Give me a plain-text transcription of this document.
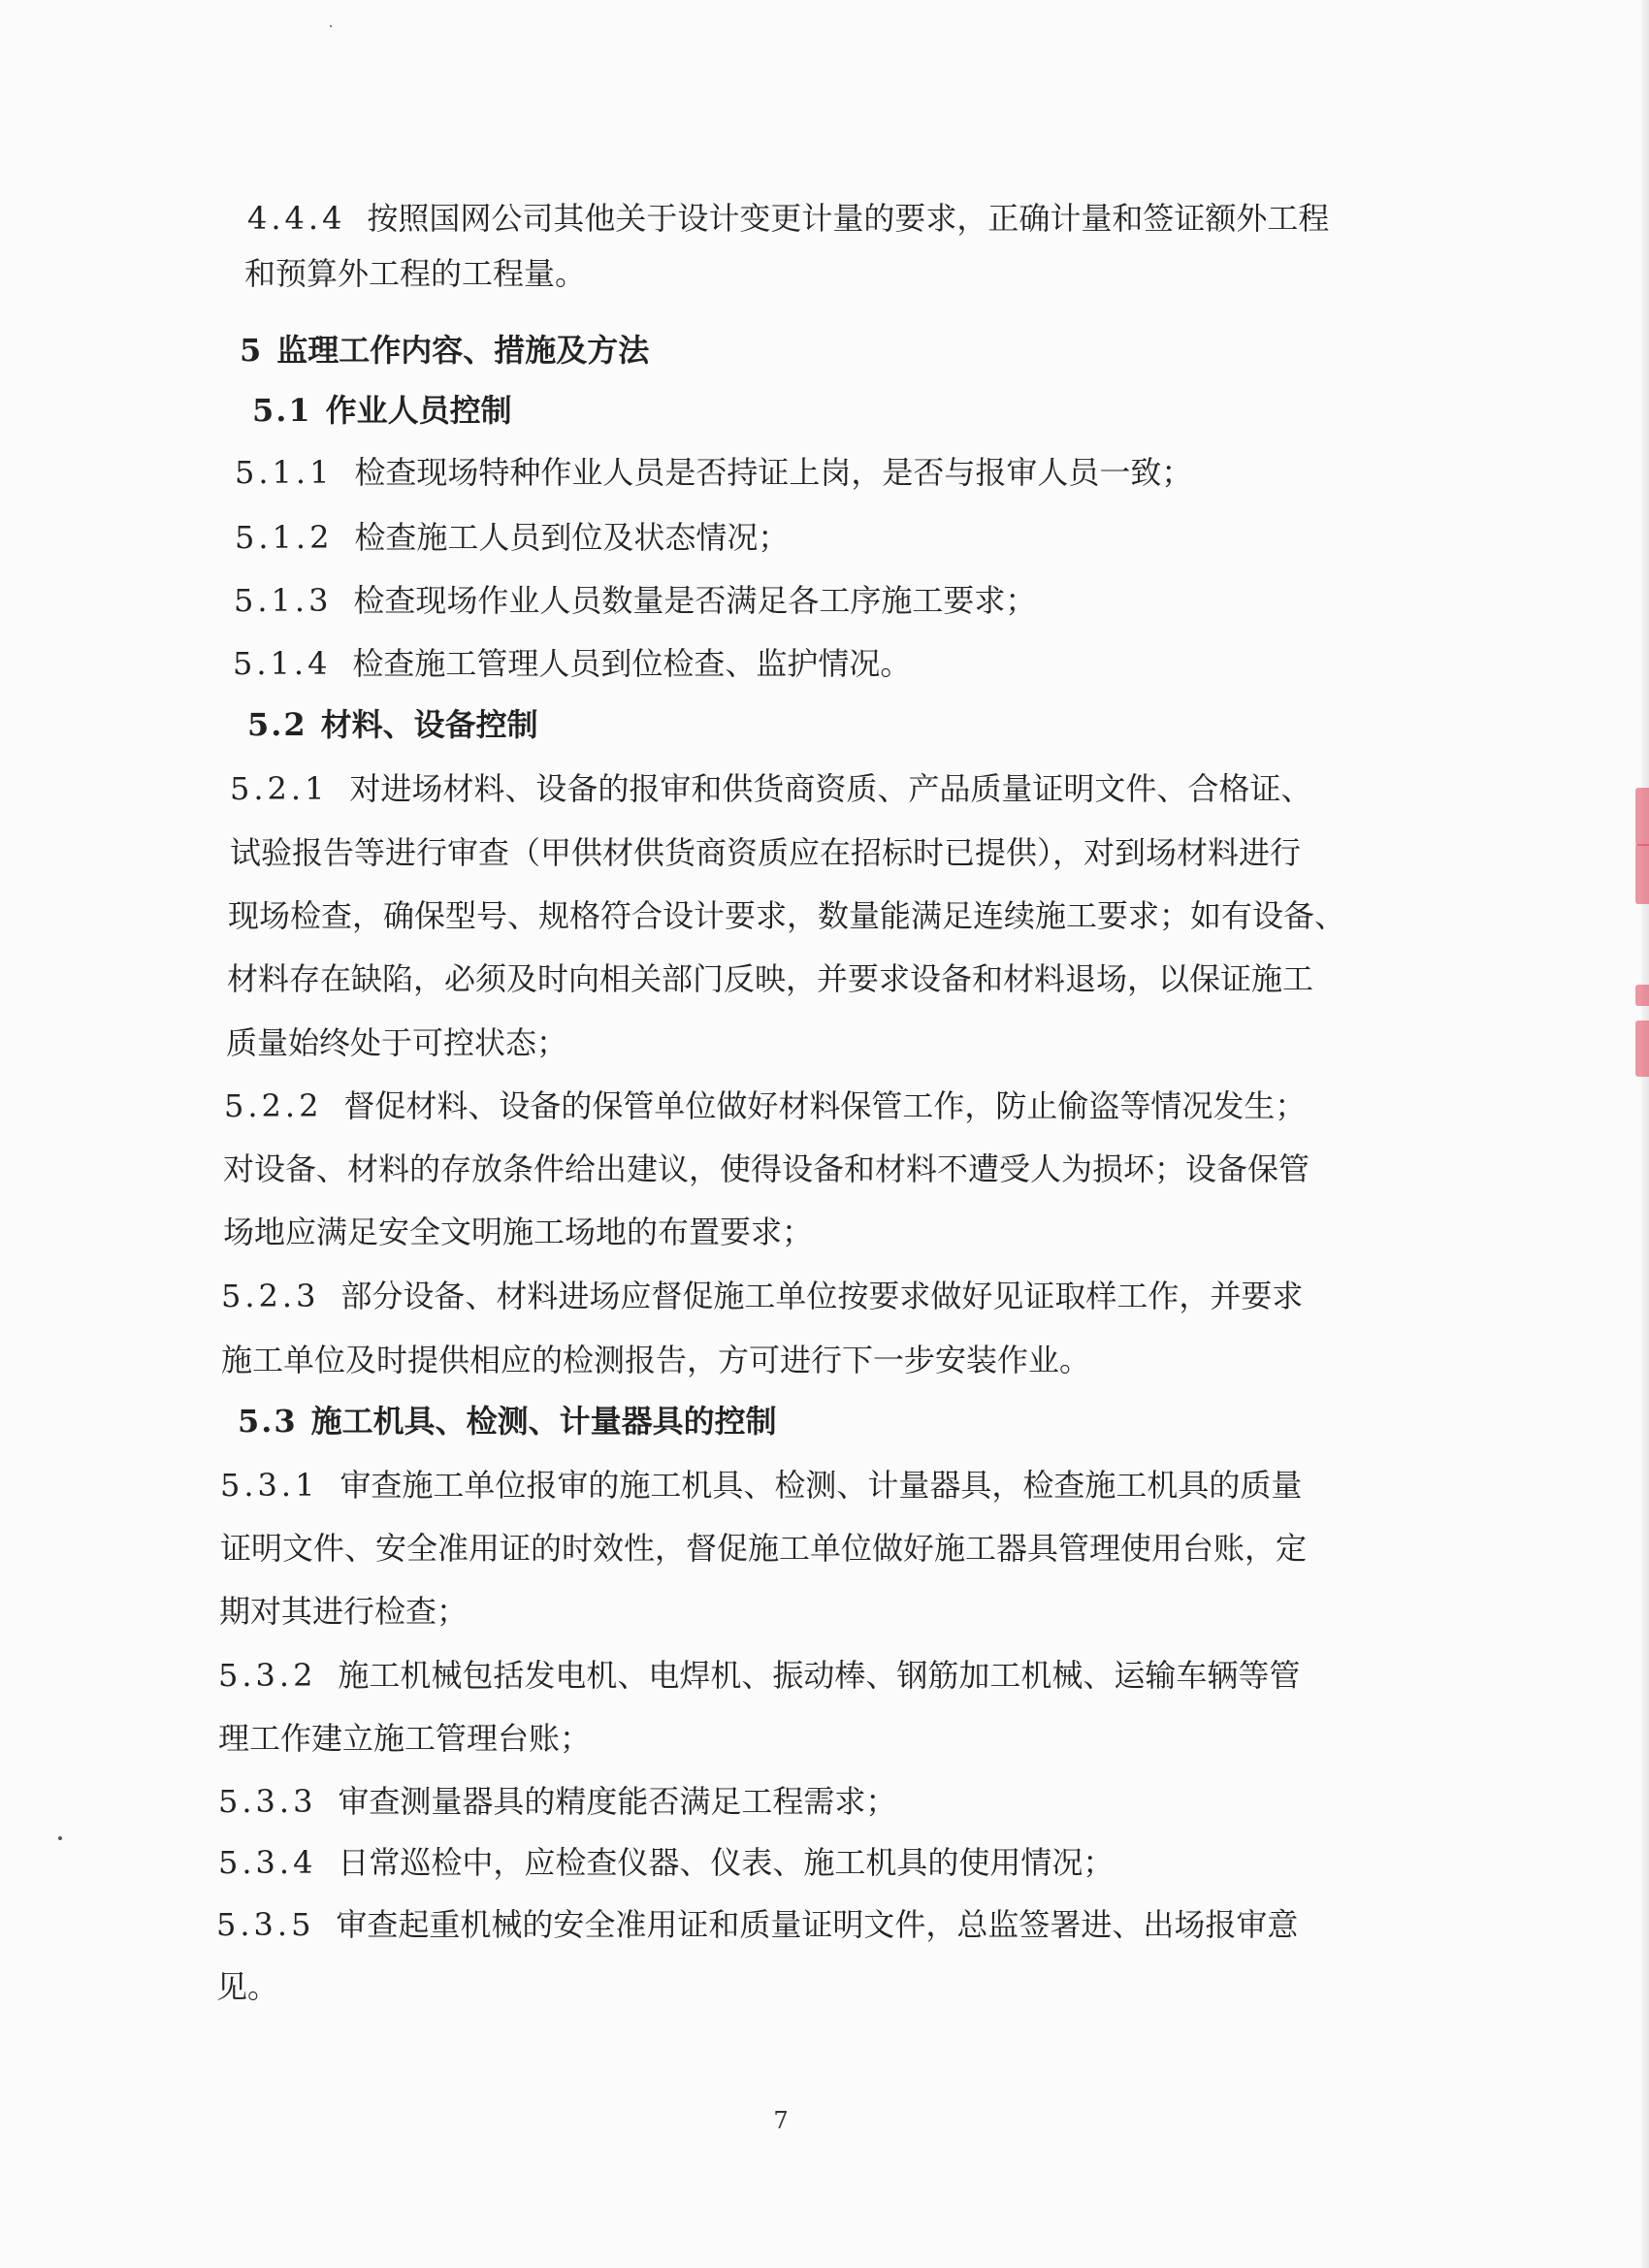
4.4.4 按照国网公司其他关于设计变更计量的要求，正确计量和签证额外工程
和预算外工程的工程量。
5 监理工作内容、措施及方法
5.1 作业人员控制
5.1.1 检查现场特种作业人员是否持证上岗，是否与报审人员一致；
5.1.2 检查施工人员到位及状态情况；
5.1.3 检查现场作业人员数量是否满足各工序施工要求；
5.1.4 检查施工管理人员到位检查、监护情况。
5.2 材料、设备控制
5.2.1 对进场材料、设备的报审和供货商资质、产品质量证明文件、合格证、
试验报告等进行审查（甲供材供货商资质应在招标时已提供），对到场材料进行
现场检查，确保型号、规格符合设计要求，数量能满足连续施工要求；如有设备、
材料存在缺陷，必须及时向相关部门反映，并要求设备和材料退场，以保证施工
质量始终处于可控状态；
5.2.2 督促材料、设备的保管单位做好材料保管工作，防止偷盗等情况发生；
对设备、材料的存放条件给出建议，使得设备和材料不遭受人为损坏；设备保管
场地应满足安全文明施工场地的布置要求；
5.2.3 部分设备、材料进场应督促施工单位按要求做好见证取样工作，并要求
施工单位及时提供相应的检测报告，方可进行下一步安装作业。
5.3 施工机具、检测、计量器具的控制
5.3.1 审查施工单位报审的施工机具、检测、计量器具，检查施工机具的质量
证明文件、安全准用证的时效性，督促施工单位做好施工器具管理使用台账，定
期对其进行检查；
5.3.2 施工机械包括发电机、电焊机、振动棒、钢筋加工机械、运输车辆等管
理工作建立施工管理台账；
5.3.3 审查测量器具的精度能否满足工程需求；
5.3.4 日常巡检中，应检查仪器、仪表、施工机具的使用情况；
5.3.5 审查起重机械的安全准用证和质量证明文件，总监签署进、出场报审意
见。
7
